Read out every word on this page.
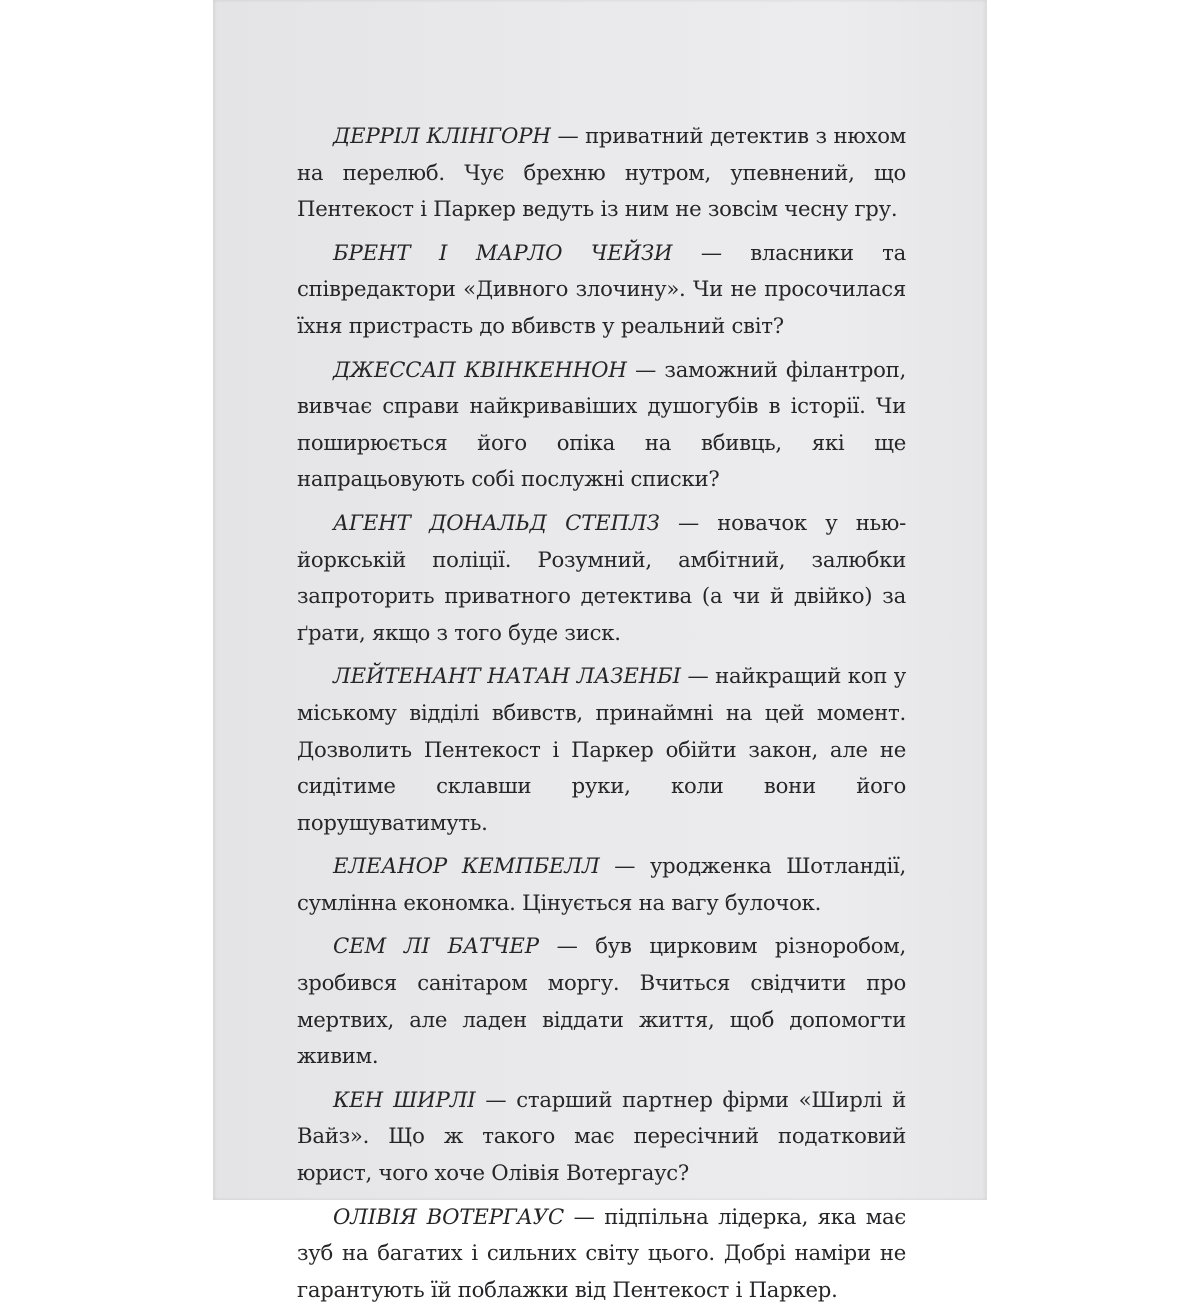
ДЕРРІЛ КЛІНГОРН — приватний детектив з нюхом на перелюб. Чує брехню нутром, упевнений, що Пентекост і Паркер ведуть із ним не зовсім чесну гру.

БРЕНТ І МАРЛО ЧЕЙЗИ — власники та співредактори «Дивного злочину». Чи не просочилася їхня пристрасть до вбивств у реальний світ?

ДЖЕССАП КВІНКЕННОН — заможний філантроп, вивчає справи найкривавіших душогубів в історії. Чи поширюється його опіка на вбивць, які ще напрацьовують собі послужні списки?

АГЕНТ ДОНАЛЬД СТЕПЛЗ — новачок у нью-йоркській поліції. Розумний, амбітний, залюбки запроторить приватного детектива (а чи й двійко) за ґрати, якщо з того буде зиск.

ЛЕЙТЕНАНТ НАТАН ЛАЗЕНБІ — найкращий коп у міському відділі вбивств, принаймні на цей момент. Дозволить Пентекост і Паркер обійти закон, але не сидітиме склавши руки, коли вони його порушуватимуть.

ЕЛЕАНОР КЕМПБЕЛЛ — уродженка Шотландії, сумлінна економка. Цінується на вагу булочок.

СЕМ ЛІ БАТЧЕР — був цирковим різноробом, зробився санітаром моргу. Вчиться свідчити про мертвих, але ладен віддати життя, щоб допомогти живим.

КЕН ШИРЛІ — старший партнер фірми «Ширлі й Вайз». Що ж такого має пересічний податковий юрист, чого хоче Олівія Вотергаус?

ОЛІВІЯ ВОТЕРГАУС — підпільна лідерка, яка має зуб на багатих і сильних світу цього. Добрі наміри не гарантують їй поблажки від Пентекост і Паркер.
